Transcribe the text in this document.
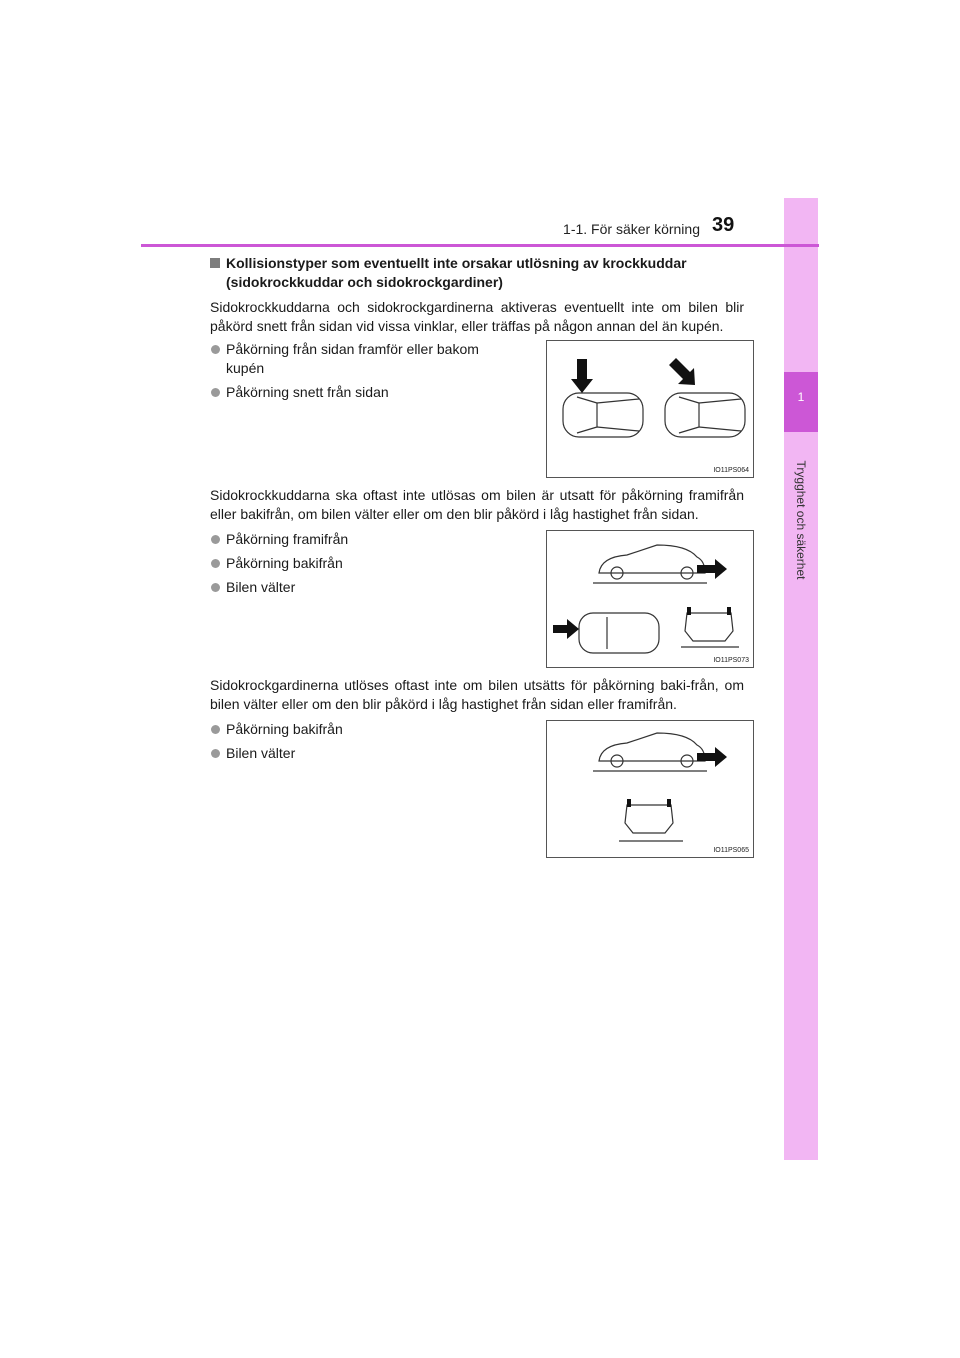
1
Trygghet och säkerhet
1-1. För säker körning 39
Kollisionstyper som eventuellt inte orsakar utlösning av krockkuddar (sidokrockkuddar och sidokrockgardiner)

Sidokrockkuddarna och sidokrockgardinerna aktiveras eventuellt inte om bilen blir påkörd snett från sidan vid vissa vinklar, eller träffas på någon annan del än kupén.

Påkörning från sidan framför eller bakom kupén
Påkörning snett från sidan
IO11PS064

Sidokrockkuddarna ska oftast inte utlösas om bilen är utsatt för påkörning framifrån eller bakifrån, om bilen välter eller om den blir påkörd i låg hastighet från sidan.

Påkörning framifrån
Påkörning bakifrån
Bilen välter
IO11PS073

Sidokrockgardinerna utlöses oftast inte om bilen utsätts för påkörning baki-från, om bilen välter eller om den blir påkörd i låg hastighet från sidan eller framifrån.

Påkörning bakifrån
Bilen välter
IO11PS065
